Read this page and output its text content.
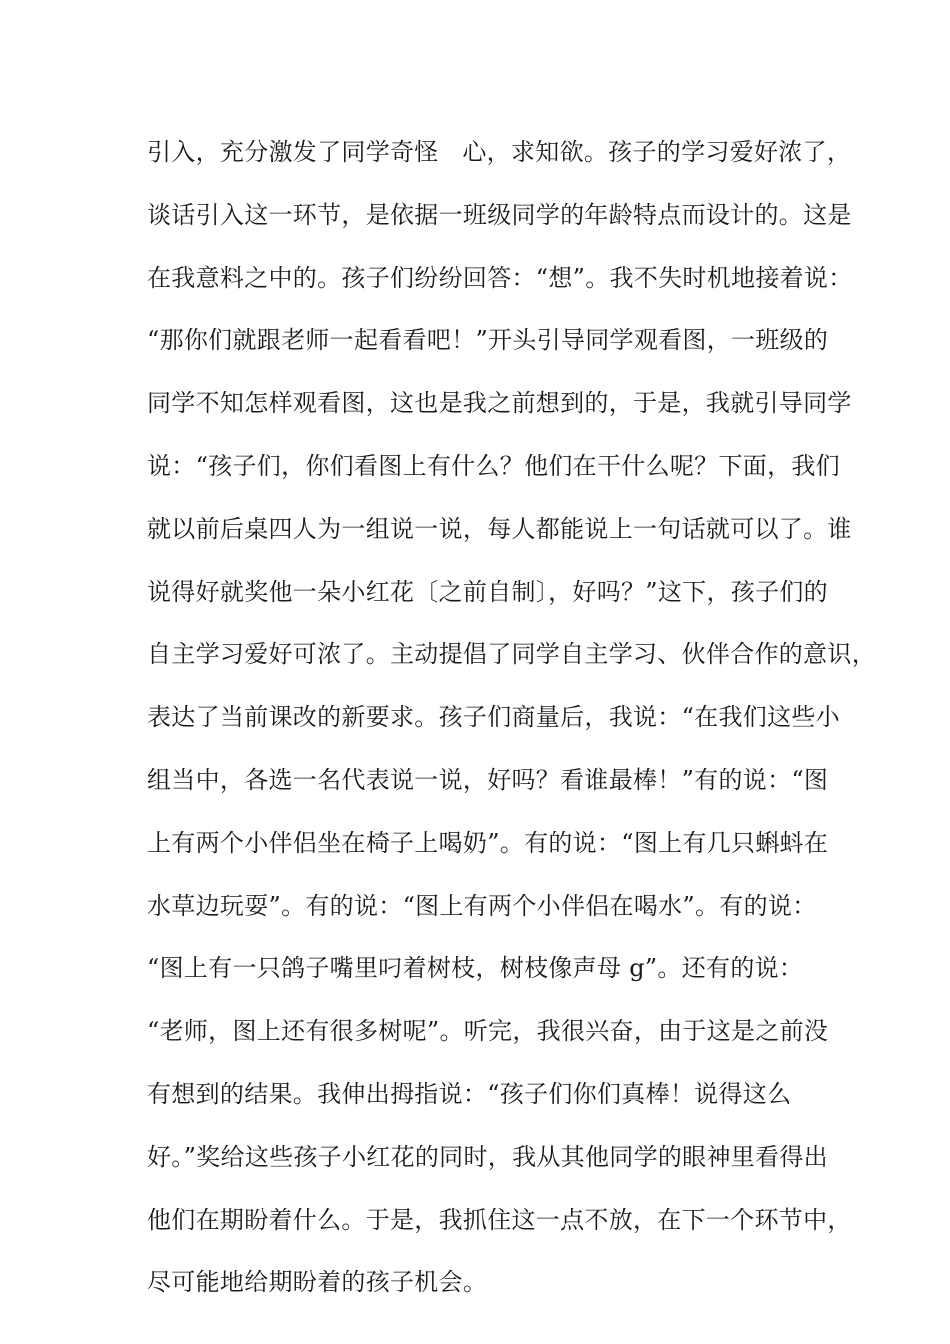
引入，充分激发了同学奇怪   心，求知欲。孩子的学习爱好浓了，
谈话引入这一环节，是依据一班级同学的年龄特点而设计的。这是
在我意料之中的。孩子们纷纷回答：“想”。我不失时机地接着说：
“那你们就跟老师一起看看吧！”开头引导同学观看图，一班级的
同学不知怎样观看图，这也是我之前想到的，于是，我就引导同学
说：“孩子们，你们看图上有什么？他们在干什么呢？下面，我们
就以前后桌四人为一组说一说，每人都能说上一句话就可以了。谁
说得好就奖他一朵小红花〔之前自制〕，好吗？”这下，孩子们的
自主学习爱好可浓了。主动提倡了同学自主学习、伙伴合作的意识，
表达了当前课改的新要求。孩子们商量后，我说：“在我们这些小
组当中，各选一名代表说一说，好吗？看谁最棒！”有的说：“图
上有两个小伴侣坐在椅子上喝奶”。有的说：“图上有几只蝌蚪在
水草边玩耍”。有的说：“图上有两个小伴侣在喝水”。有的说：
“图上有一只鸽子嘴里叼着树枝，树枝像声母 g”。还有的说：
“老师，图上还有很多树呢”。听完，我很兴奋，由于这是之前没
有想到的结果。我伸出拇指说：“孩子们你们真棒！说得这么
好。”奖给这些孩子小红花的同时，我从其他同学的眼神里看得出
他们在期盼着什么。于是，我抓住这一点不放，在下一个环节中，
尽可能地给期盼着的孩子机会。
